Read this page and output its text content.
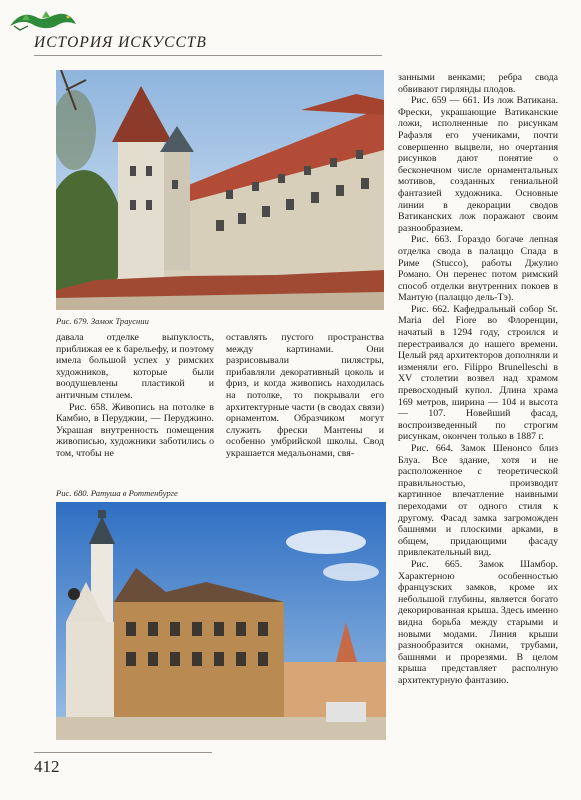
ИСТОРИЯ ИСКУССТВ
Рис. 679. Замок Трауснии

давала отделке выпуклость, приближая ее к барельефу, и поэтому имела большой успех у римских художников, которые были воодушевлены пластикой и античным стилем.

Рис. 658. Живопись на потолке в Камбио, в Перуджии, — Перуджино. Украшая внутренность помещения живописью, художники заботились о том, чтобы не

оставлять пустого пространства между картинами. Они разрисовывали пилястры, прибавляли декоративный цоколь и фриз, и когда живопись находилась на потолке, то покрывали его архитектурные части (в сводах связи) орнаментом. Образчиком могут служить фрески Мантены и особенно умбрийской школы. Свод украшается медальонами, свя-

Рис. 680. Ратуша в Роттенбурге

занными венками; ребра свода обвивают гирлянды плодов.

Рис. 659 — 661. Из лож Ватикана. Фрески, украшающие Ватиканские ложи, исполненные по рисункам Рафаэля его учениками, почти совершенно выцвели, но очертания рисунков дают понятие о бесконечном числе орнаментальных мотивов, созданных гениальной фантазией художника. Основные линии в декорации сводов Ватиканских лож поражают своим разнообразием.

Рис. 663. Гораздо богаче лепная отделка свода в палаццо Спада в Риме (Stucco), работы Джулио Романо. Он перенес потом римский способ отделки внутренних покоев в Мантую (палаццо дель-Тэ).

Рис. 662. Кафедральный собор St. Maria del Fiore во Флоренции, начатый в 1294 году, строился и перестраивался до нашего времени. Целый ряд архитекторов дополняли и изменяли его. Filippo Brunelleschi в XV столетии возвел над храмом превосходный купол. Длина храма 169 метров, ширина — 104 и высота — 107. Новейший фасад, воспроизведенный по строгим рисункам, окончен только в 1887 г.

Рис. 664. Замок Шенонсо близ Блуа. Все здание, хотя и не расположенное с теоретической правильностью, производит картинное впечатление наивными переходами от одного стиля к другому. Фасад замка загроможден башнями и плоскими арками, в общем, придающими фасаду привлекательный вид.

Рис. 665. Замок Шамбор. Характерною особенностью французских замков, кроме их небольшой глубины, является богато декорированная крыша. Здесь именно видна борьба между старыми и новыми модами. Линия крыши разнообразится окнами, трубами, башнями и прорезями. В целом крыша представляет располную архитектурную фантазию.

412
